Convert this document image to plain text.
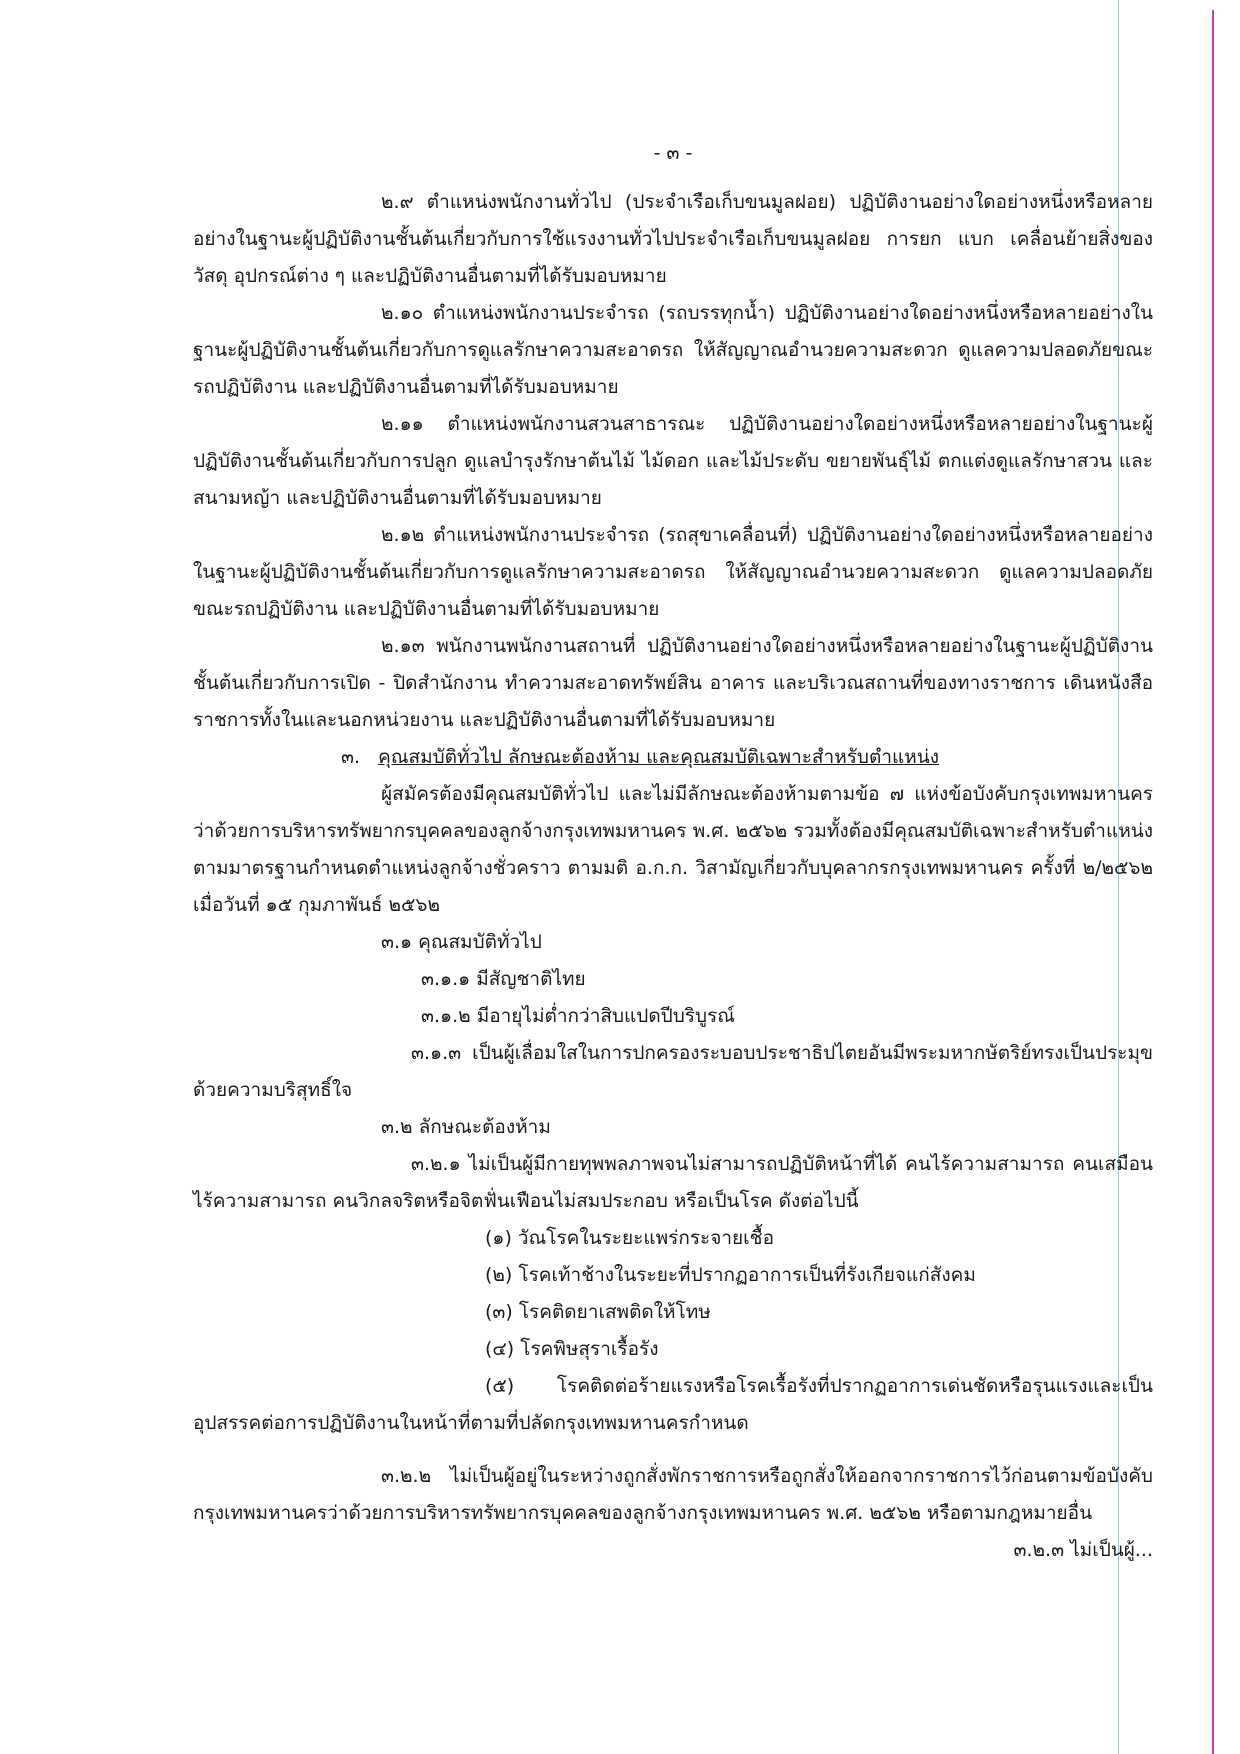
- ๓ -

๒.๙ ตำแหน่งพนักงานทั่วไป (ประจำเรือเก็บขนมูลฝอย) ปฏิบัติงานอย่างใดอย่างหนึ่งหรือหลายอย่างในฐานะผู้ปฏิบัติงานชั้นต้นเกี่ยวกับการใช้แรงงานทั่วไปประจำเรือเก็บขนมูลฝอย การยก แบก เคลื่อนย้ายสิ่งของ วัสดุ อุปกรณ์ต่าง ๆ และปฏิบัติงานอื่นตามที่ได้รับมอบหมาย

๒.๑๐ ตำแหน่งพนักงานประจำรถ (รถบรรทุกน้ำ) ปฏิบัติงานอย่างใดอย่างหนึ่งหรือหลายอย่างในฐานะผู้ปฏิบัติงานชั้นต้นเกี่ยวกับการดูแลรักษาความสะอาดรถ ให้สัญญาณอำนวยความสะดวก ดูแลความปลอดภัยขณะรถปฏิบัติงาน และปฏิบัติงานอื่นตามที่ได้รับมอบหมาย

๒.๑๑ ตำแหน่งพนักงานสวนสาธารณะ ปฏิบัติงานอย่างใดอย่างหนึ่งหรือหลายอย่างในฐานะผู้ปฏิบัติงานชั้นต้นเกี่ยวกับการปลูก ดูแลบำรุงรักษาต้นไม้ ไม้ดอก และไม้ประดับ ขยายพันธุ์ไม้ ตกแต่งดูแลรักษาสวน และสนามหญ้า และปฏิบัติงานอื่นตามที่ได้รับมอบหมาย

๒.๑๒ ตำแหน่งพนักงานประจำรถ (รถสุขาเคลื่อนที่) ปฏิบัติงานอย่างใดอย่างหนึ่งหรือหลายอย่างในฐานะผู้ปฏิบัติงานชั้นต้นเกี่ยวกับการดูแลรักษาความสะอาดรถ ให้สัญญาณอำนวยความสะดวก ดูแลความปลอดภัยขณะรถปฏิบัติงาน และปฏิบัติงานอื่นตามที่ได้รับมอบหมาย

๒.๑๓ พนักงานพนักงานสถานที่ ปฏิบัติงานอย่างใดอย่างหนึ่งหรือหลายอย่างในฐานะผู้ปฏิบัติงานชั้นต้นเกี่ยวกับการเปิด - ปิดสำนักงาน ทำความสะอาดทรัพย์สิน อาคาร และบริเวณสถานที่ของทางราชการ เดินหนังสือราชการทั้งในและนอกหน่วยงาน และปฏิบัติงานอื่นตามที่ได้รับมอบหมาย

๓. คุณสมบัติทั่วไป ลักษณะต้องห้าม และคุณสมบัติเฉพาะสำหรับตำแหน่ง

ผู้สมัครต้องมีคุณสมบัติทั่วไป และไม่มีลักษณะต้องห้ามตามข้อ ๗ แห่งข้อบังคับกรุงเทพมหานครว่าด้วยการบริหารทรัพยากรบุคคลของลูกจ้างกรุงเทพมหานคร พ.ศ. ๒๕๖๒ รวมทั้งต้องมีคุณสมบัติเฉพาะสำหรับตำแหน่งตามมาตรฐานกำหนดตำแหน่งลูกจ้างชั่วคราว ตามมติ อ.ก.ก. วิสามัญเกี่ยวกับบุคลากรกรุงเทพมหานคร ครั้งที่ ๒/๒๕๖๒ เมื่อวันที่ ๑๕ กุมภาพันธ์ ๒๕๖๒

๓.๑ คุณสมบัติทั่วไป

๓.๑.๑ มีสัญชาติไทย

๓.๑.๒ มีอายุไม่ต่ำกว่าสิบแปดปีบริบูรณ์

๓.๑.๓ เป็นผู้เลื่อมใสในการปกครองระบอบประชาธิปไตยอันมีพระมหากษัตริย์ทรงเป็นประมุขด้วยความบริสุทธิ์ใจ

๓.๒ ลักษณะต้องห้าม

๓.๒.๑ ไม่เป็นผู้มีกายทุพพลภาพจนไม่สามารถปฏิบัติหน้าที่ได้ คนไร้ความสามารถ คนเสมือนไร้ความสามารถ คนวิกลจริตหรือจิตฟั่นเฟือนไม่สมประกอบ หรือเป็นโรค ดังต่อไปนี้

(๑) วัณโรคในระยะแพร่กระจายเชื้อ

(๒) โรคเท้าช้างในระยะที่ปรากฏอาการเป็นที่รังเกียจแก่สังคม

(๓) โรคติดยาเสพติดให้โทษ

(๔) โรคพิษสุราเรื้อรัง

(๕) โรคติดต่อร้ายแรงหรือโรคเรื้อรังที่ปรากฏอาการเด่นชัดหรือรุนแรงและเป็นอุปสรรคต่อการปฏิบัติงานในหน้าที่ตามที่ปลัดกรุงเทพมหานครกำหนด

๓.๒.๒ ไม่เป็นผู้อยู่ในระหว่างถูกสั่งพักราชการหรือถูกสั่งให้ออกจากราชการไว้ก่อนตามข้อบังคับกรุงเทพมหานครว่าด้วยการบริหารทรัพยากรบุคคลของลูกจ้างกรุงเทพมหานคร พ.ศ. ๒๕๖๒ หรือตามกฎหมายอื่น

๓.๒.๓ ไม่เป็นผู้...
